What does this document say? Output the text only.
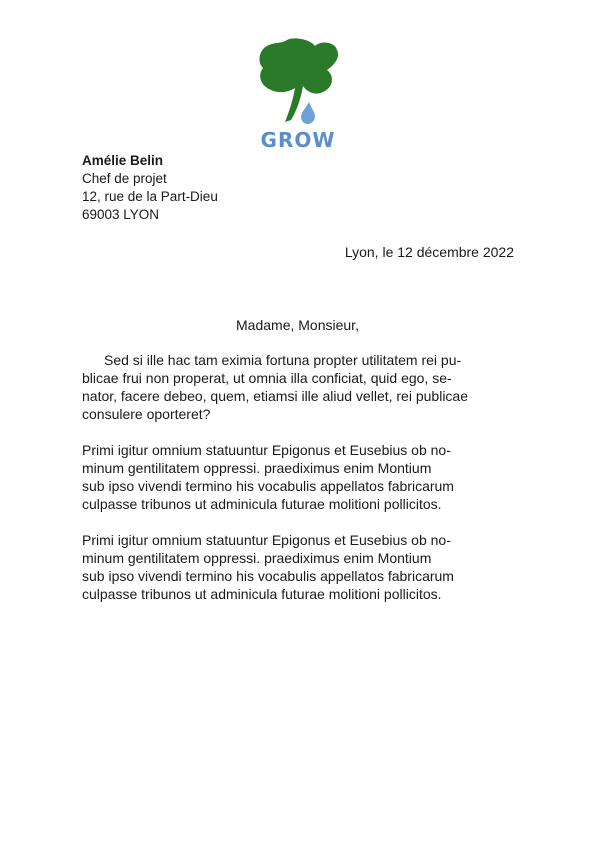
GROW
Amélie Belin
Chef de projet
12, rue de la Part-Dieu
69003 LYON
Lyon, le 12 décembre 2022
Madame, Monsieur,

Sed si ille hac tam eximia fortuna propter utilitatem rei pu-
blicae frui non properat, ut omnia illa conficiat, quid ego, se-
nator, facere debeo, quem, etiamsi ille aliud vellet, rei publicae
consulere oporteret?

Primi igitur omnium statuuntur Epigonus et Eusebius ob no-
minum gentilitatem oppressi. praediximus enim Montium
sub ipso vivendi termino his vocabulis appellatos fabricarum
culpasse tribunos ut adminicula futurae molitioni pollicitos.

Primi igitur omnium statuuntur Epigonus et Eusebius ob no-
minum gentilitatem oppressi. praediximus enim Montium
sub ipso vivendi termino his vocabulis appellatos fabricarum
culpasse tribunos ut adminicula futurae molitioni pollicitos.
